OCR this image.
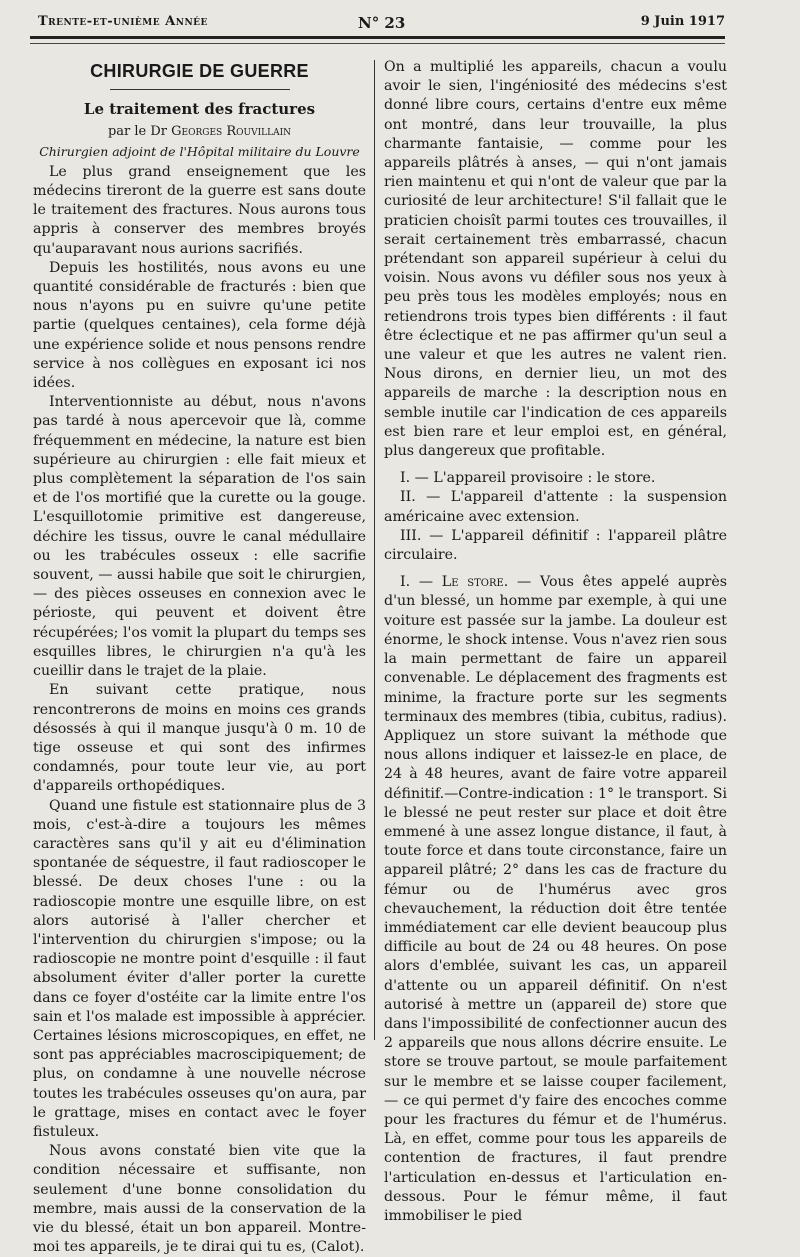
Trente-et-unième Année	N° 23	9 Juin 1917
CHIRURGIE DE GUERRE
Le traitement des fractures
par le Dr Georges Rouvillain
Chirurgien adjoint de l'Hôpital militaire du Louvre

Le plus grand enseignement que les médecins tireront de la guerre est sans doute le traitement des fractures. Nous aurons tous appris à conserver des membres broyés qu'auparavant nous aurions sacrifiés.

Depuis les hostilités, nous avons eu une quantité considérable de fracturés : bien que nous n'ayons pu en suivre qu'une petite partie (quelques centaines), cela forme déjà une expérience solide et nous pensons rendre service à nos collègues en exposant ici nos idées.

Interventionniste au début, nous n'avons pas tardé à nous apercevoir que là, comme fréquemment en médecine, la nature est bien supérieure au chirurgien : elle fait mieux et plus complètement la séparation de l'os sain et de l'os mortifié que la curette ou la gouge. L'esquillotomie primitive est dangereuse, déchire les tissus, ouvre le canal médullaire ou les trabécules osseux : elle sacrifie souvent, — aussi habile que soit le chirurgien, — des pièces osseuses en connexion avec le périoste, qui peuvent et doivent être récupérées; l'os vomit la plupart du temps ses esquilles libres, le chirurgien n'a qu'à les cueillir dans le trajet de la plaie.

En suivant cette pratique, nous rencontrerons de moins en moins ces grands désossés à qui il manque jusqu'à 0 m. 10 de tige osseuse et qui sont des infirmes condamnés, pour toute leur vie, au port d'appareils orthopédiques.

Quand une fistule est stationnaire plus de 3 mois, c'est-à-dire a toujours les mêmes caractères sans qu'il y ait eu d'élimination spontanée de séquestre, il faut radioscoper le blessé. De deux choses l'une : ou la radioscopie montre une esquille libre, on est alors autorisé à l'aller chercher et l'intervention du chirurgien s'impose; ou la radioscopie ne montre point d'esquille : il faut absolument éviter d'aller porter la curette dans ce foyer d'ostéite car la limite entre l'os sain et l'os malade est impossible à apprécier. Certaines lésions microscopiques, en effet, ne sont pas appréciables macroscipiquement; de plus, on condamne à une nouvelle nécrose toutes les trabécules osseuses qu'on aura, par le grattage, mises en contact avec le foyer fistuleux.

Nous avons constaté bien vite que la condition nécessaire et suffisante, non seulement d'une bonne consolidation du membre, mais aussi de la conservation de la vie du blessé, était un bon appareil. Montre-moi tes appareils, je te dirai qui tu es, (Calot).

On a multiplié les appareils, chacun a voulu avoir le sien, l'ingéniosité des médecins s'est donné libre cours, certains d'entre eux même ont montré, dans leur trouvaille, la plus charmante fantaisie, — comme pour les appareils plâtrés à anses, — qui n'ont jamais rien maintenu et qui n'ont de valeur que par la curiosité de leur architecture! S'il fallait que le praticien choisît parmi toutes ces trouvailles, il serait certainement très embarrassé, chacun prétendant son appareil supérieur à celui du voisin. Nous avons vu défiler sous nos yeux à peu près tous les modèles employés; nous en retiendrons trois types bien différents : il faut être éclectique et ne pas affirmer qu'un seul a une valeur et que les autres ne valent rien. Nous dirons, en dernier lieu, un mot des appareils de marche : la description nous en semble inutile car l'indication de ces appareils est bien rare et leur emploi est, en général, plus dangereux que profitable.

I. — L'appareil provisoire : le store.

II. — L'appareil d'attente : la suspension américaine avec extension.

III. — L'appareil définitif : l'appareil plâtre circulaire.

I. — Le store. — Vous êtes appelé auprès d'un blessé, un homme par exemple, à qui une voiture est passée sur la jambe. La douleur est énorme, le shock intense. Vous n'avez rien sous la main permettant de faire un appareil convenable. Le déplacement des fragments est minime, la fracture porte sur les segments terminaux des membres (tibia, cubitus, radius). Appliquez un store suivant la méthode que nous allons indiquer et laissez-le en place, de 24 à 48 heures, avant de faire votre appareil définitif.—Contre-indication : 1° le transport. Si le blessé ne peut rester sur place et doit être emmené à une assez longue distance, il faut, à toute force et dans toute circonstance, faire un appareil plâtré; 2° dans les cas de fracture du fémur ou de l'humérus avec gros chevauchement, la réduction doit être tentée immédiatement car elle devient beaucoup plus difficile au bout de 24 ou 48 heures. On pose alors d'emblée, suivant les cas, un appareil d'attente ou un appareil définitif. On n'est autorisé à mettre un (appareil de) store que dans l'impossibilité de confectionner aucun des 2 appareils que nous allons décrire ensuite. Le store se trouve partout, se moule parfaitement sur le membre et se laisse couper facilement, — ce qui permet d'y faire des encoches comme pour les fractures du fémur et de l'humérus. Là, en effet, comme pour tous les appareils de contention de fractures, il faut prendre l'articulation en-dessus et l'articulation en-dessous. Pour le fémur même, il faut immobiliser le pied
